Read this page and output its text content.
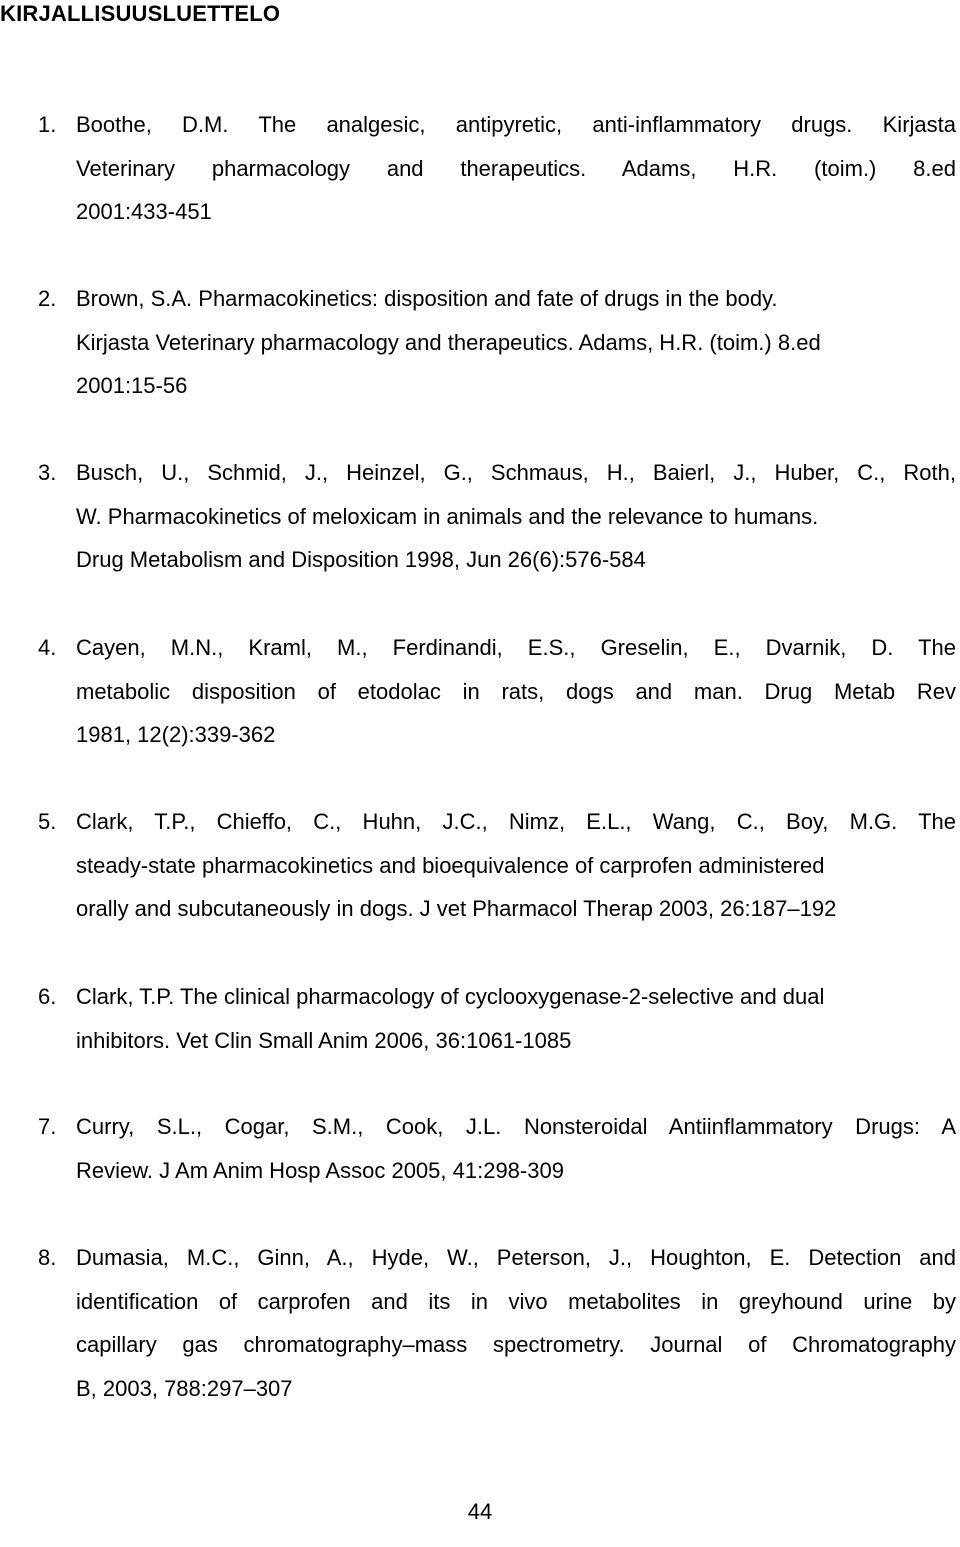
KIRJALLISUUSLUETTELO
1. Boothe, D.M. The analgesic, antipyretic, anti-inflammatory drugs. Kirjasta
Veterinary pharmacology and therapeutics. Adams, H.R. (toim.) 8.ed
2001:433-451
2. Brown, S.A. Pharmacokinetics: disposition and fate of drugs in the body.
Kirjasta Veterinary pharmacology and therapeutics. Adams, H.R. (toim.) 8.ed
2001:15-56
3. Busch, U., Schmid, J., Heinzel, G., Schmaus, H., Baierl, J., Huber, C., Roth,
W. Pharmacokinetics of meloxicam in animals and the relevance to humans.
Drug Metabolism and Disposition 1998, Jun 26(6):576-584
4. Cayen, M.N., Kraml, M., Ferdinandi, E.S., Greselin, E., Dvarnik, D. The
metabolic disposition of etodolac in rats, dogs and man. Drug Metab Rev
1981, 12(2):339-362
5. Clark, T.P., Chieffo, C., Huhn, J.C., Nimz, E.L., Wang, C., Boy, M.G. The
steady-state pharmacokinetics and bioequivalence of carprofen administered
orally and subcutaneously in dogs. J vet Pharmacol Therap 2003, 26:187–192
6. Clark, T.P. The clinical pharmacology of cyclooxygenase-2-selective and dual
inhibitors. Vet Clin Small Anim 2006, 36:1061-1085
7. Curry, S.L., Cogar, S.M., Cook, J.L. Nonsteroidal Antiinflammatory Drugs: A
Review. J Am Anim Hosp Assoc 2005, 41:298-309
8. Dumasia, M.C., Ginn, A., Hyde, W., Peterson, J., Houghton, E. Detection and
identification of carprofen and its in vivo metabolites in greyhound urine by
capillary gas chromatography–mass spectrometry. Journal of Chromatography
B, 2003, 788:297–307
44
